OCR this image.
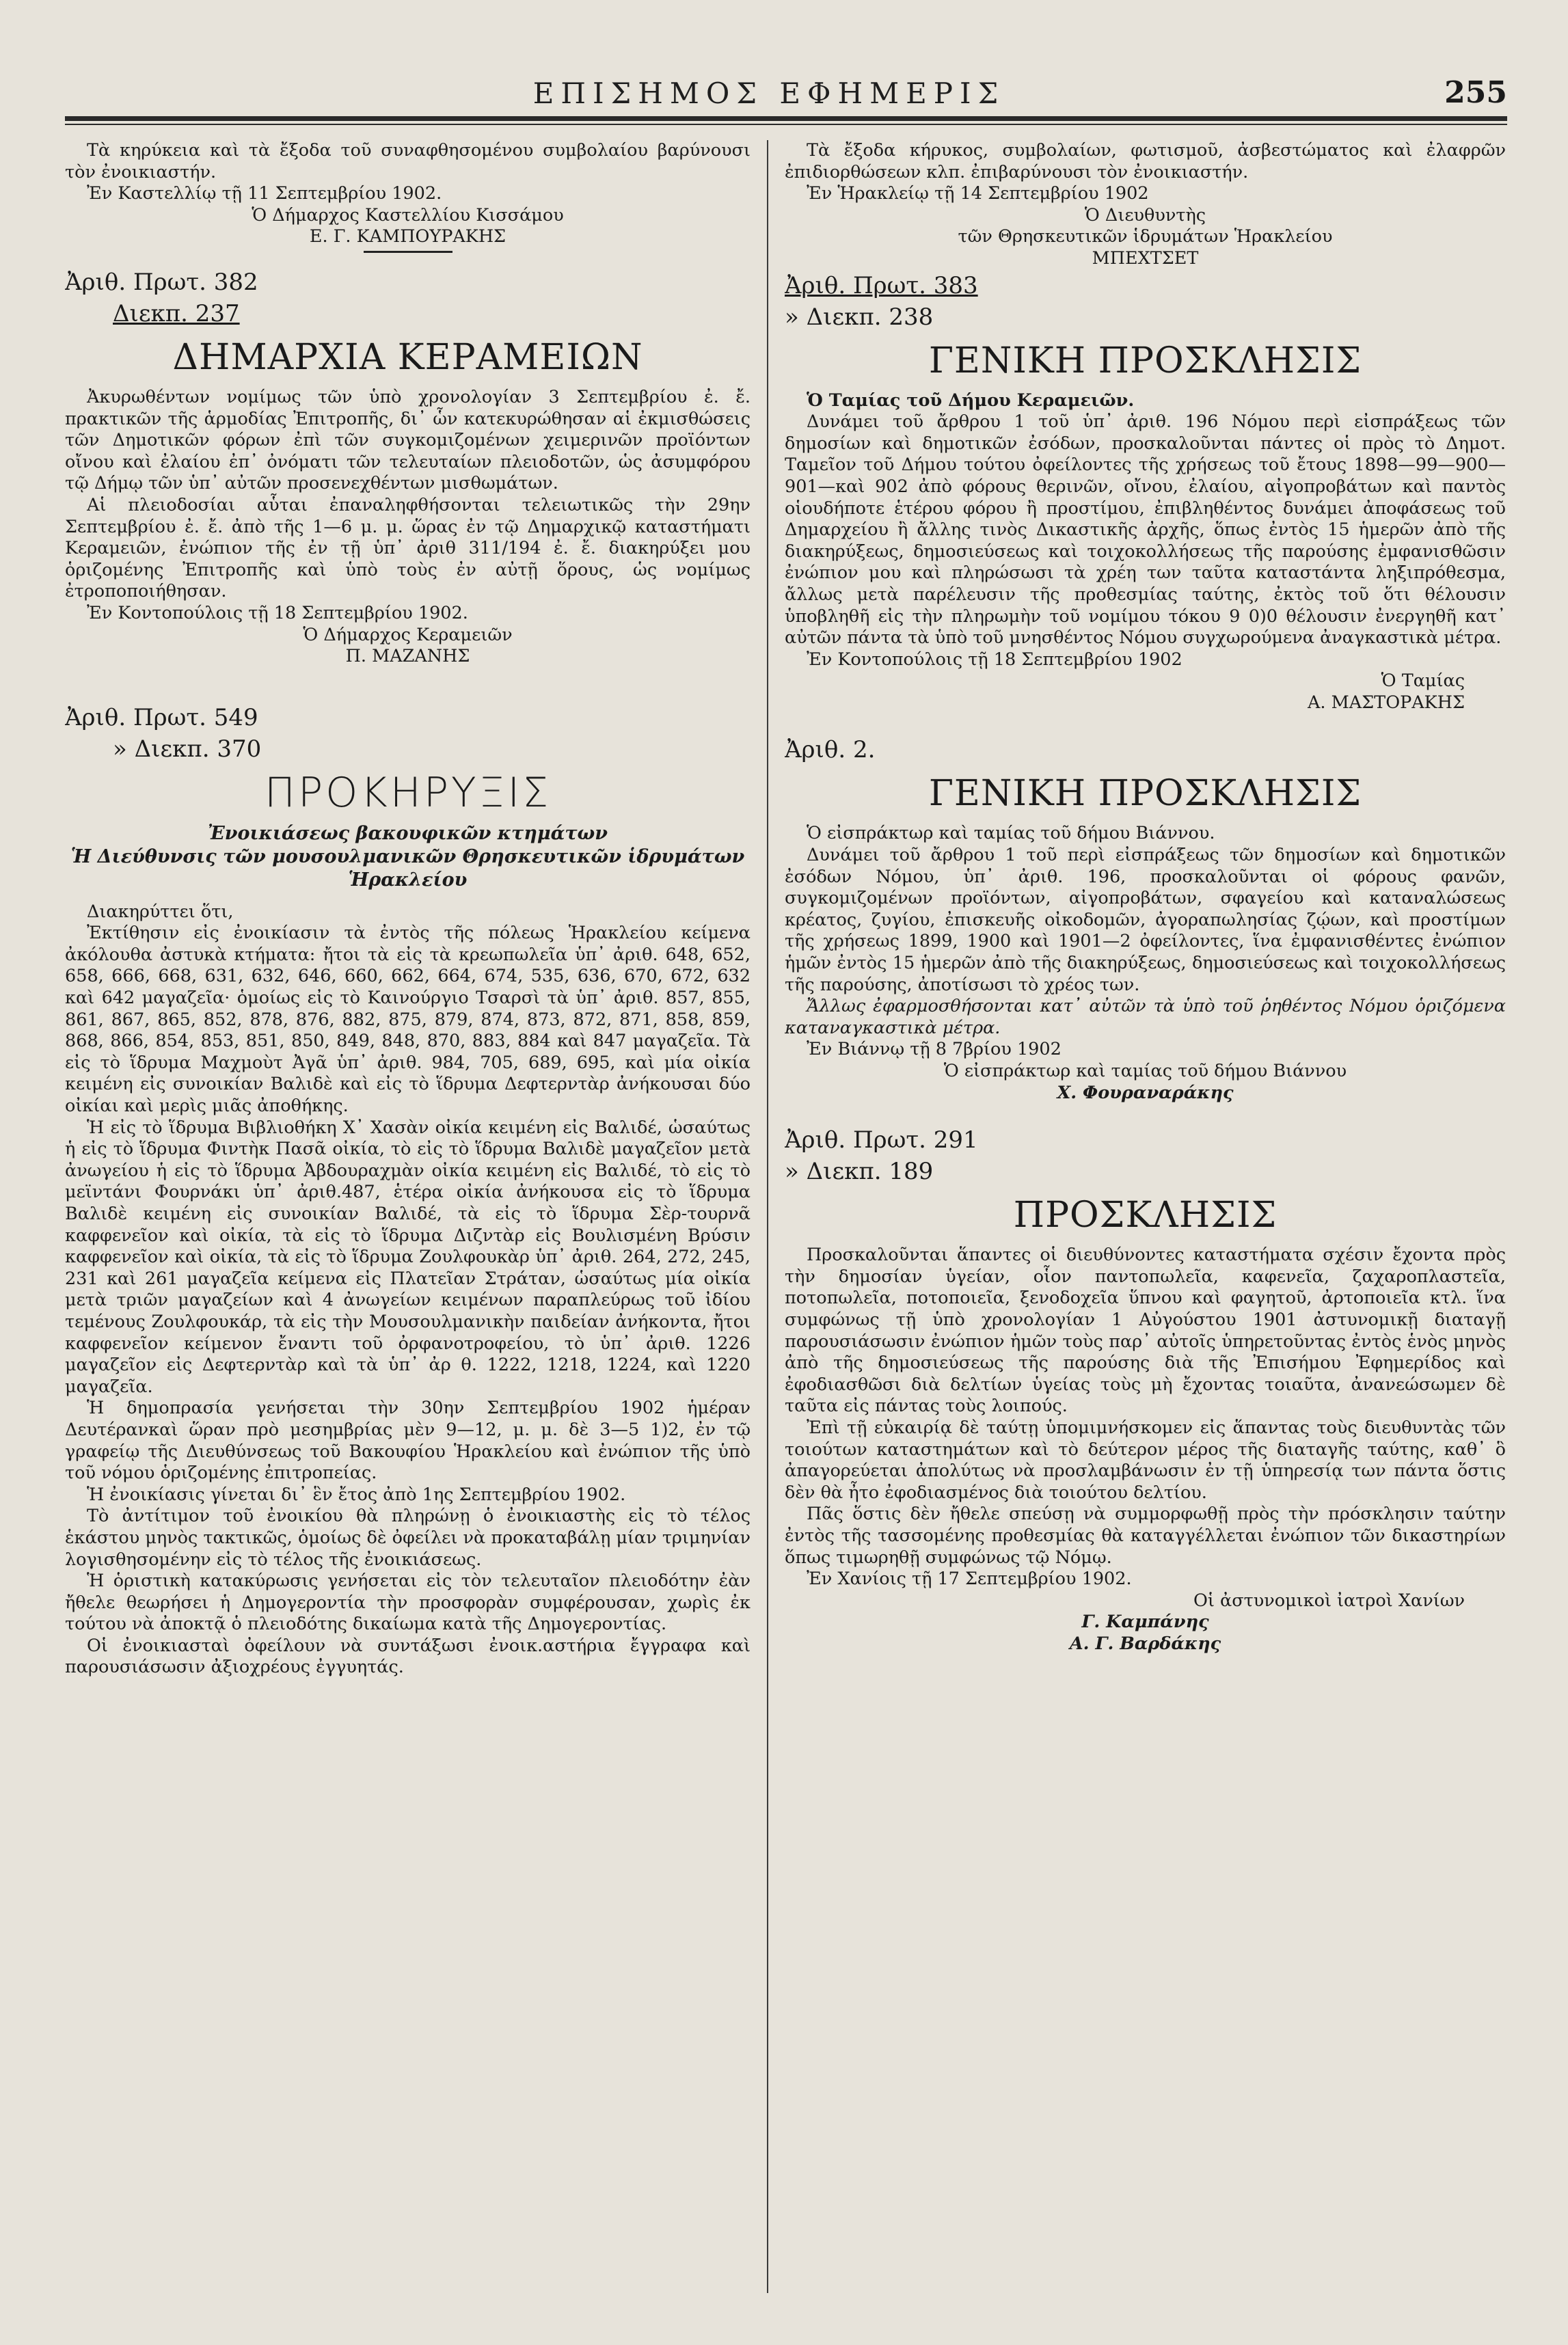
ΕΠΙΣΗΜΟΣ ΕΦΗΜΕΡΙΣ	255

Τὰ κηρύκεια καὶ τὰ ἔξοδα τοῦ συναφθησομένου συμβολαίου βαρύνουσι τὸν ἐνοικιαστήν.

Ἐν Καστελλίῳ τῇ 11 Σεπτεμβρίου 1902.

Ὁ Δήμαρχος Καστελλίου Κισσάμου

Ε. Γ. ΚΑΜΠΟΥΡΑΚΗΣ

Ἀριθ. Πρωτ. 382
Διεκπ. 237
ΔΗΜΑΡΧΙΑ ΚΕΡΑΜΕΙΩΝ

Ἀκυρωθέντων νομίμως τῶν ὑπὸ χρονολογίαν 3 Σεπτεμβρίου ἐ. ἔ. πρακτικῶν τῆς ἁρμοδίας Ἐπιτροπῆς, δι᾽ ὧν κατεκυρώθησαν αἱ ἐκμισθώσεις τῶν Δημοτικῶν φόρων ἐπὶ τῶν συγκομιζομένων χειμερινῶν προϊόντων οἴνου καὶ ἐλαίου ἐπ᾽ ὀνόματι τῶν τελευταίων πλειοδοτῶν, ὡς ἀσυμφόρου τῷ Δήμῳ τῶν ὑπ᾽ αὐτῶν προσενεχθέντων μισθωμάτων.

Αἱ πλειοδοσίαι αὗται ἐπαναληφθήσονται τελειωτικῶς τὴν 29ην Σεπτεμβρίου ἐ. ἔ. ἀπὸ τῆς 1—6 μ. μ. ὥρας ἐν τῷ Δημαρχικῷ καταστήματι Κεραμειῶν, ἐνώπιον τῆς ἐν τῇ ὑπ᾽ ἀριθ 311/194 ἐ. ἔ. διακηρύξει μου ὁριζομένης Ἐπιτροπῆς καὶ ὑπὸ τοὺς ἐν αὐτῇ ὅρους, ὡς νομίμως ἐτροποποιήθησαν.

Ἐν Κοντοπούλοις τῇ 18 Σεπτεμβρίου 1902.

Ὁ Δήμαρχος Κεραμειῶν

Π. ΜΑΖΑΝΗΣ

Ἀριθ. Πρωτ. 549
» Διεκπ. 370
ΠΡΟΚΗΡΥΞΙΣ

Ἐνοικιάσεως βακουφικῶν κτημάτων

Ἡ Διεύθυνσις τῶν μουσουλμανικῶν Θρησκευτικῶν ἱδρυμάτων Ἡρακλείου

Διακηρύττει ὅτι,

Ἐκτίθησιν εἰς ἐνοικίασιν τὰ ἐντὸς τῆς πόλεως Ἡρακλείου κείμενα ἀκόλουθα ἀστυκὰ κτήματα: ἤτοι τὰ εἰς τὰ κρεωπωλεῖα ὑπ᾽ ἀριθ. 648, 652, 658, 666, 668, 631, 632, 646, 660, 662, 664, 674, 535, 636, 670, 672, 632 καὶ 642 μαγαζεῖα· ὁμοίως εἰς τὸ Καινούργιο Τσαρσὶ τὰ ὑπ᾽ ἀριθ. 857, 855, 861, 867, 865, 852, 878, 876, 882, 875, 879, 874, 873, 872, 871, 858, 859, 868, 866, 854, 853, 851, 850, 849, 848, 870, 883, 884 καὶ 847 μαγαζεῖα. Τὰ εἰς τὸ ἵδρυμα Μαχμοὺτ Ἀγᾶ ὑπ᾽ ἀριθ. 984, 705, 689, 695, καὶ μία οἰκία κειμένη εἰς συνοικίαν Βαλιδὲ καὶ εἰς τὸ ἵδρυμα Δεφτερντὰρ ἀνήκουσαι δύο οἰκίαι καὶ μερὶς μιᾶς ἀποθήκης.

Ἡ εἰς τὸ ἵδρυμα Βιβλιοθήκη Χ᾽ Χασὰν οἰκία κειμένη εἰς Βαλιδέ, ὡσαύτως ἡ εἰς τὸ ἵδρυμα Φιντὴκ Πασᾶ οἰκία, τὸ εἰς τὸ ἵδρυμα Βαλιδὲ μαγαζεῖον μετὰ ἀνωγείου ἡ εἰς τὸ ἵδρυμα Ἀβδουραχμὰν οἰκία κειμένη εἰς Βαλιδέ, τὸ εἰς τὸ μεϊντάνι Φουρνάκι ὑπ᾽ ἀριθ.487, ἑτέρα οἰκία ἀνήκουσα εἰς τὸ ἵδρυμα Βαλιδὲ κειμένη εἰς συνοικίαν Βαλιδέ, τὰ εἰς τὸ ἵδρυμα Σὲρ-τουρνᾶ καφφενεῖον καὶ οἰκία, τὰ εἰς τὸ ἵδρυμα Διζντὰρ εἰς Βουλισμένη Βρύσιν καφφενεῖον καὶ οἰκία, τὰ εἰς τὸ ἵδρυμα Ζουλφουκὰρ ὑπ᾽ ἀριθ. 264, 272, 245, 231 καὶ 261 μαγαζεῖα κείμενα εἰς Πλατεῖαν Στράταν, ὡσαύτως μία οἰκία μετὰ τριῶν μαγαζείων καὶ 4 ἀνωγείων κειμένων παραπλεύρως τοῦ ἰδίου τεμένους Ζουλφουκάρ, τὰ εἰς τὴν Μουσουλμανικὴν παιδείαν ἀνήκοντα, ἤτοι καφφενεῖον κείμενον ἔναντι τοῦ ὀρφανοτροφείου, τὸ ὑπ᾽ ἀριθ. 1226 μαγαζεῖον εἰς Δεφτερντὰρ καὶ τὰ ὑπ᾽ ἀρ θ. 1222, 1218, 1224, καὶ 1220 μαγαζεῖα.

Ἡ δημοπρασία γενήσεται τὴν 30ην Σεπτεμβρίου 1902 ἡμέραν Δευτέρανκαὶ ὥραν πρὸ μεσημβρίας μὲν 9—12, μ. μ. δὲ 3—5 1)2, ἐν τῷ γραφείῳ τῆς Διευθύνσεως τοῦ Βακουφίου Ἡρακλείου καὶ ἐνώπιον τῆς ὑπὸ τοῦ νόμου ὁριζομένης ἐπιτροπείας.

Ἡ ἐνοικίασις γίνεται δι᾽ ἓν ἔτος ἀπὸ 1ης Σεπτεμβρίου 1902.

Τὸ ἀντίτιμον τοῦ ἐνοικίου θὰ πληρώνῃ ὁ ἐνοικιαστὴς εἰς τὸ τέλος ἑκάστου μηνὸς τακτικῶς, ὁμοίως δὲ ὀφείλει νὰ προκαταβάλῃ μίαν τριμηνίαν λογισθησομένην εἰς τὸ τέλος τῆς ἐνοικιάσεως.

Ἡ ὁριστικὴ κατακύρωσις γενήσεται εἰς τὸν τελευταῖον πλειοδότην ἐὰν ἤθελε θεωρήσει ἡ Δημογεροντία τὴν προσφορὰν συμφέρουσαν, χωρὶς ἐκ τούτου νὰ ἀποκτᾷ ὁ πλειοδότης δικαίωμα κατὰ τῆς Δημογεροντίας.

Οἱ ἐνοικιασταὶ ὀφείλουν νὰ συντάξωσι ἐνοικ.αστήρια ἔγγραφα καὶ παρουσιάσωσιν ἀξιοχρέους ἐγγυητάς.

Τὰ ἔξοδα κήρυκος, συμβολαίων, φωτισμοῦ, ἀσβεστώματος καὶ ἐλαφρῶν ἐπιδιορθώσεων κλπ. ἐπιβαρύνουσι τὸν ἐνοικιαστήν.

Ἐν Ἡρακλείῳ τῇ 14 Σεπτεμβρίου 1902

Ὁ Διευθυντὴς

τῶν Θρησκευτικῶν ἱδρυμάτων Ἡρακλείου

ΜΠΕΧΤΣΕΤ

Ἀριθ. Πρωτ. 383
» Διεκπ. 238
ΓΕΝΙΚΗ ΠΡΟΣΚΛΗΣΙΣ

Ὁ Ταμίας τοῦ Δήμου Κεραμειῶν.

Δυνάμει τοῦ ἄρθρου 1 τοῦ ὑπ᾽ ἀριθ. 196 Νόμου περὶ εἰσπράξεως τῶν δημοσίων καὶ δημοτικῶν ἐσόδων, προσκαλοῦνται πάντες οἱ πρὸς τὸ Δημοτ. Ταμεῖον τοῦ Δήμου τούτου ὀφείλοντες τῆς χρήσεως τοῦ ἔτους 1898—99—900—901—καὶ 902 ἀπὸ φόρους θερινῶν, οἴνου, ἐλαίου, αἰγοπροβάτων καὶ παντὸς οἱουδήποτε ἑτέρου φόρου ἢ προστίμου, ἐπιβληθέντος δυνάμει ἀποφάσεως τοῦ Δημαρχείου ἢ ἄλλης τινὸς Δικαστικῆς ἀρχῆς, ὅπως ἐντὸς 15 ἡμερῶν ἀπὸ τῆς διακηρύξεως, δημοσιεύσεως καὶ τοιχοκολλήσεως τῆς παρούσης ἐμφανισθῶσιν ἐνώπιον μου καὶ πληρώσωσι τὰ χρέη των ταῦτα καταστάντα ληξιπρόθεσμα, ἄλλως μετὰ παρέλευσιν τῆς προθεσμίας ταύτης, ἐκτὸς τοῦ ὅτι θέλουσιν ὑποβληθῆ εἰς τὴν πληρωμὴν τοῦ νομίμου τόκου 9 0)0 θέλουσιν ἐνεργηθῆ κατ᾽ αὐτῶν πάντα τὰ ὑπὸ τοῦ μνησθέντος Νόμου συγχωρούμενα ἀναγκαστικὰ μέτρα.

Ἐν Κοντοπούλοις τῇ 18 Σεπτεμβρίου 1902

Ὁ Ταμίας

Α. ΜΑΣΤΟΡΑΚΗΣ

Ἀριθ. 2.
ΓΕΝΙΚΗ ΠΡΟΣΚΛΗΣΙΣ

Ὁ εἰσπράκτωρ καὶ ταμίας τοῦ δήμου Βιάννου.

Δυνάμει τοῦ ἄρθρου 1 τοῦ περὶ εἰσπράξεως τῶν δημοσίων καὶ δημοτικῶν ἐσόδων Νόμου, ὑπ᾽ ἀριθ. 196, προσκαλοῦνται οἱ φόρους φανῶν, συγκομιζομένων προϊόντων, αἰγοπροβάτων, σφαγείου καὶ καταναλώσεως κρέατος, ζυγίου, ἐπισκευῆς οἰκοδομῶν, ἀγοραπωλησίας ζῴων, καὶ προστίμων τῆς χρήσεως 1899, 1900 καὶ 1901—2 ὀφείλοντες, ἵνα ἐμφανισθέντες ἐνώπιον ἡμῶν ἐντὸς 15 ἡμερῶν ἀπὸ τῆς διακηρύξεως, δημοσιεύσεως καὶ τοιχοκολλήσεως τῆς παρούσης, ἀποτίσωσι τὸ χρέος των.

Ἄλλως ἐφαρμοσθήσονται κατ᾽ αὐτῶν τὰ ὑπὸ τοῦ ῥηθέντος Νόμου ὁριζόμενα καταναγκαστικὰ μέτρα.

Ἐν Βιάννῳ τῇ 8 7βρίου 1902

Ὁ εἰσπράκτωρ καὶ ταμίας τοῦ δήμου Βιάννου

Χ. Φουραναράκης

Ἀριθ. Πρωτ. 291
» Διεκπ. 189
ΠΡΟΣΚΛΗΣΙΣ

Προσκαλοῦνται ἅπαντες οἱ διευθύνοντες καταστήματα σχέσιν ἔχοντα πρὸς τὴν δημοσίαν ὑγείαν, οἷον παντοπωλεῖα, καφενεῖα, ζαχαροπλαστεῖα, ποτοπωλεῖα, ποτοποιεῖα, ξενοδοχεῖα ὕπνου καὶ φαγητοῦ, ἀρτοποιεῖα κτλ. ἵνα συμφώνως τῇ ὑπὸ χρονολογίαν 1 Αὐγούστου 1901 ἀστυνομικῇ διαταγῇ παρουσιάσωσιν ἐνώπιον ἡμῶν τοὺς παρ᾽ αὐτοῖς ὑπηρετοῦντας ἐντὸς ἑνὸς μηνὸς ἀπὸ τῆς δημοσιεύσεως τῆς παρούσης διὰ τῆς Ἐπισήμου Ἐφημερίδος καὶ ἐφοδιασθῶσι διὰ δελτίων ὑγείας τοὺς μὴ ἔχοντας τοιαῦτα, ἀνανεώσωμεν δὲ ταῦτα εἰς πάντας τοὺς λοιπούς.

Ἐπὶ τῇ εὐκαιρίᾳ δὲ ταύτῃ ὑπομιμνήσκομεν εἰς ἅπαντας τοὺς διευθυντὰς τῶν τοιούτων καταστημάτων καὶ τὸ δεύτερον μέρος τῆς διαταγῆς ταύτης, καθ᾽ ὃ ἀπαγορεύεται ἀπολύτως νὰ προσλαμβάνωσιν ἐν τῇ ὑπηρεσίᾳ των πάντα ὅστις δὲν θὰ ἦτο ἐφοδιασμένος διὰ τοιούτου δελτίου.

Πᾶς ὅστις δὲν ἤθελε σπεύσῃ νὰ συμμορφωθῇ πρὸς τὴν πρόσκλησιν ταύτην ἐντὸς τῆς τασσομένης προθεσμίας θὰ καταγγέλλεται ἐνώπιον τῶν δικαστηρίων ὅπως τιμωρηθῇ συμφώνως τῷ Νόμῳ.

Ἐν Χανίοις τῇ 17 Σεπτεμβρίου 1902.

Οἱ ἀστυνομικοὶ ἰατροὶ Χανίων

Γ. Καμπάνης

Α. Γ. Βαρδάκης
